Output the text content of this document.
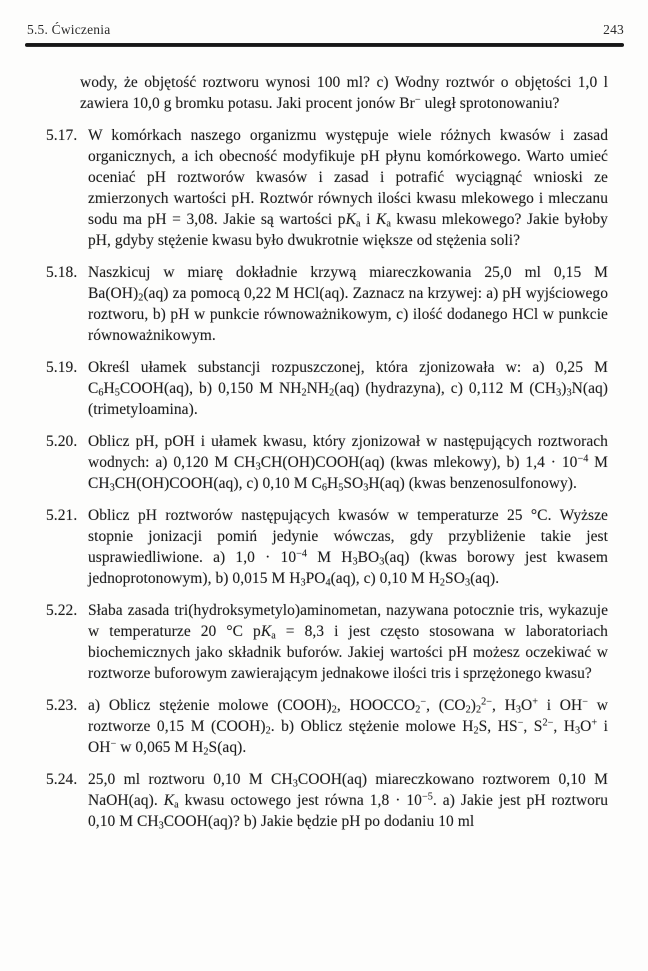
5.5. Ćwiczenia	243
wody, że objętość roztworu wynosi 100 ml? c) Wodny roztwór o objętości 1,0 l zawiera 10,0 g bromku potasu. Jaki procent jonów Br− uległ sprotonowaniu?
5.17. W komórkach naszego organizmu występuje wiele różnych kwasów i zasad organicznych, a ich obecność modyfikuje pH płynu komórkowego. Warto umieć oceniać pH roztworów kwasów i zasad i potrafić wyciągnąć wnioski ze zmierzonych wartości pH. Roztwór równych ilości kwasu mlekowego i mleczanu sodu ma pH = 3,08. Jakie są wartości $pK_a$ i $K_a$ kwasu mlekowego? Jakie byłoby pH, gdyby stężenie kwasu było dwukrotnie większe od stężenia soli?
5.18. Naszkicuj w miarę dokładnie krzywą miareczkowania 25,0 ml 0,15 M $Ba(OH)_2(aq)$ za pomocą 0,22 M HCl(aq). Zaznacz na krzywej: a) pH wyjściowego roztworu, b) pH w punkcie równoważnikowym, c) ilość dodanego HCl w punkcie równoważnikowym.
5.19. Określ ułamek substancji rozpuszczonej, która zjonizowała w: a) 0,25 M $C_6H_5COOH(aq)$, b) 0,150 M $NH_2NH_2(aq)$ (hydrazyna), c) 0,112 M $(CH_3)_3N(aq)$ (trimetyloamina).
5.20. Oblicz pH, pOH i ułamek kwasu, który zjonizował w następujących roztworach wodnych: a) 0,120 M $CH_3CH(OH)COOH(aq)$ (kwas mlekowy), b) $1,4 \cdot 10^{-4}$ M $CH_3CH(OH)COOH(aq)$, c) 0,10 M $C_6H_5SO_3H(aq)$ (kwas benzenosulfonowy).
5.21. Oblicz pH roztworów następujących kwasów w temperaturze 25 °C. Wyższe stopnie jonizacji pomiń jedynie wówczas, gdy przybliżenie takie jest usprawiedliwione. a) $1,0 \cdot 10^{-4}$ M $H_3BO_3(aq)$ (kwas borowy jest kwasem jednoprotonowym), b) 0,015 M $H_3PO_4(aq)$, c) 0,10 M $H_2SO_3(aq)$.
5.22. Słaba zasada tri(hydroksymetylo)aminometan, nazywana potocznie tris, wykazuje w temperaturze 20 °C $pK_a = 8,3$ i jest często stosowana w laboratoriach biochemicznych jako składnik buforów. Jakiej wartości pH możesz oczekiwać w roztworze buforowym zawierającym jednakowe ilości tris i sprzężonego kwasu?
5.23. a) Oblicz stężenie molowe $(COOH)_2$, $HOOCCO_2^-$, $(CO_2)_2^{2-}$, $H_3O^+$ i OH− w roztworze 0,15 M $(COOH)_2$. b) Oblicz stężenie molowe $H_2S$, HS−, $S^{2-}$, $H_3O^+$ i OH− w 0,065 M $H_2S(aq)$.
5.24. 25,0 ml roztworu 0,10 M $CH_3COOH(aq)$ miareczkowano roztworem 0,10 M NaOH(aq). $K_a$ kwasu octowego jest równa $1,8 \cdot 10^{-5}$. a) Jakie jest pH roztworu 0,10 M $CH_3COOH(aq)$? b) Jakie będzie pH po dodaniu 10 ml
